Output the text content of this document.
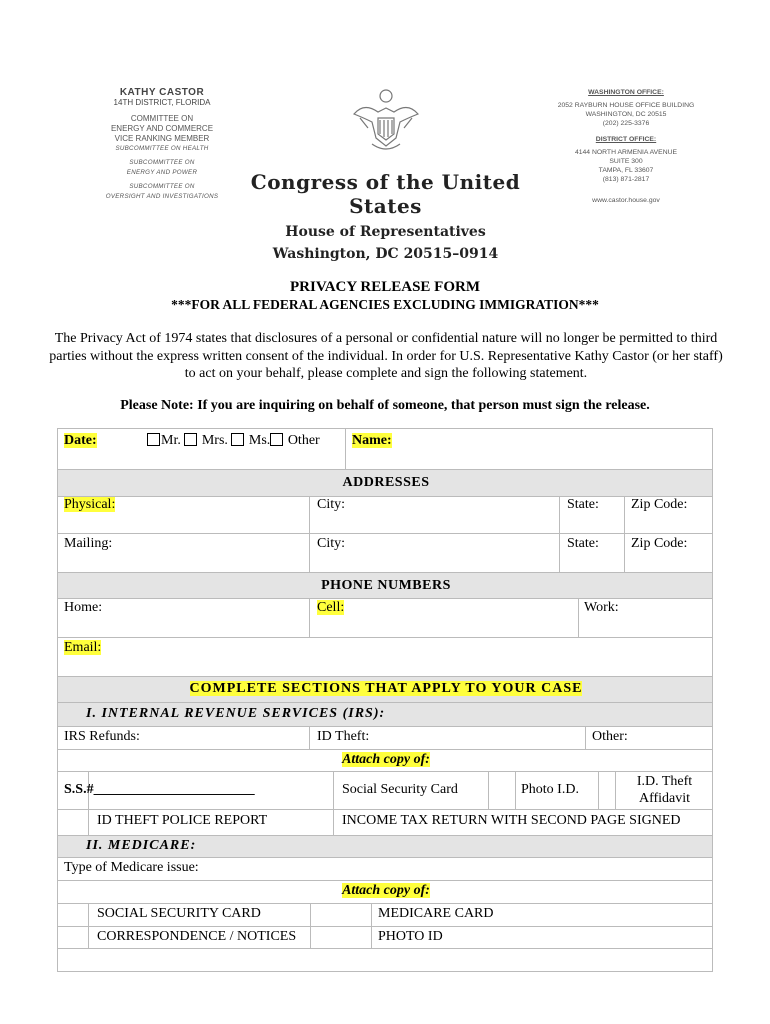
KATHY CASTOR
14TH DISTRICT, FLORIDA
COMMITTEE ON
ENERGY AND COMMERCE
VICE RANKING MEMBER
SUBCOMMITTEE ON HEALTH
SUBCOMMITTEE ON
ENERGY AND POWER
SUBCOMMITTEE ON
OVERSIGHT AND INVESTIGATIONS
WASHINGTON OFFICE:
2052 RAYBURN HOUSE OFFICE BUILDING
WASHINGTON, DC 20515
(202) 225-3376
DISTRICT OFFICE:
4144 NORTH ARMENIA AVENUE
SUITE 300
TAMPA, FL 33607
(813) 871-2817
www.castor.house.gov
Congress of the United States
House of Representatives
Washington, DC 20515–0914
PRIVACY RELEASE FORM
***FOR ALL FEDERAL AGENCIES EXCLUDING IMMIGRATION***
The Privacy Act of 1974 states that disclosures of a personal or confidential nature will no longer be permitted to third parties without the express written consent of the individual. In order for U.S. Representative Kathy Castor (or her staff) to act on your behalf, please complete and sign the following statement.
Please Note: If you are inquiring on behalf of someone, that person must sign the release.
Date:	Mr. Mrs. Ms. Other Name:
ADDRESSES
Physical:	City:	State: Zip Code:
Mailing:	City:	State: Zip Code:
PHONE NUMBERS
Home:	Cell:	Work:
Email:
COMPLETE SECTIONS THAT APPLY TO YOUR CASE
I. INTERNAL REVENUE SERVICES (IRS):
IRS Refunds:	ID Theft:	Other:
Attach copy of:
S.S.#_______________________	Social Security Card	Photo I.D.
I.D. Theft
Affidavit
ID THEFT POLICE REPORT	INCOME TAX RETURN WITH SECOND PAGE SIGNED
II. MEDICARE:
Type of Medicare issue:
Attach copy of:
SOCIAL SECURITY CARD	MEDICARE CARD
CORRESPONDENCE / NOTICES	PHOTO ID
